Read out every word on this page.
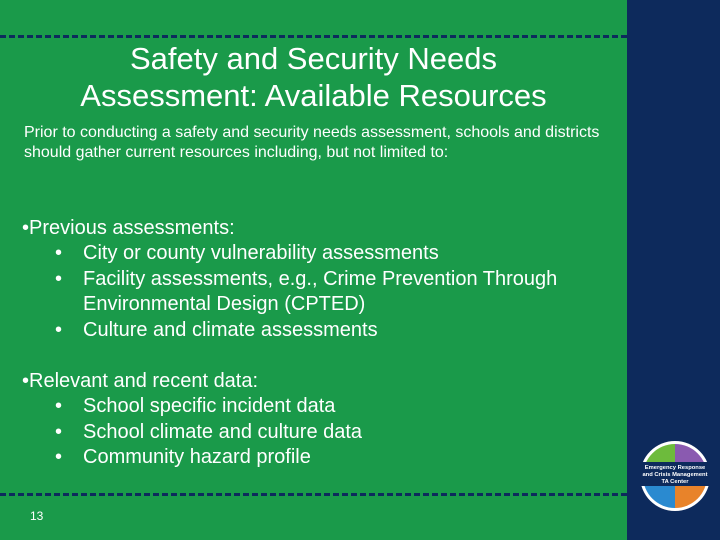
Safety and Security Needs
Assessment: Available Resources
Prior to conducting a safety and security needs assessment, schools and districts should gather current resources including, but not limited to:
•Previous assessments:
• City or county vulnerability assessments
• Facility assessments, e.g., Crime Prevention Through Environmental Design (CPTED)
• Culture and climate assessments
•Relevant and recent data:
• School specific incident data
• School climate and culture data
• Community hazard profile
13
Emergency Response
and Crisis Management
TA Center
